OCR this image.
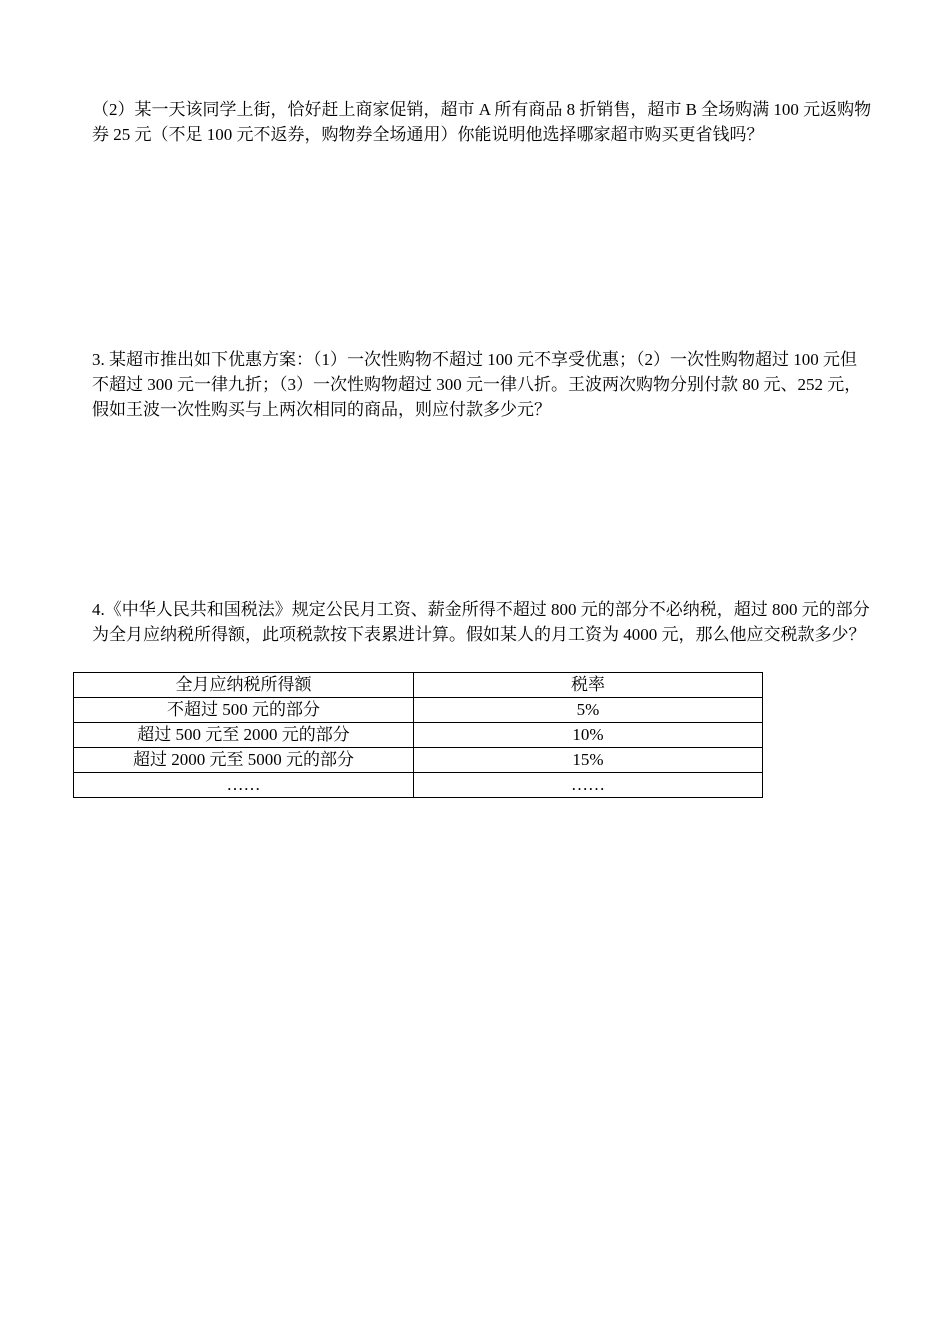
（2）某一天该同学上街，恰好赶上商家促销，超市 A 所有商品 8 折销售，超市 B 全场购满 100 元返购物券 25 元（不足 100 元不返券，购物券全场通用）你能说明他选择哪家超市购买更省钱吗？

3. 某超市推出如下优惠方案：（1）一次性购物不超过 100 元不享受优惠；（2）一次性购物超过 100 元但不超过 300 元一律九折；（3）一次性购物超过 300 元一律八折。王波两次购物分别付款 80 元、252 元，假如王波一次性购买与上两次相同的商品，则应付款多少元？

4.《中华人民共和国税法》规定公民月工资、薪金所得不超过 800 元的部分不必纳税，超过 800 元的部分为全月应纳税所得额，此项税款按下表累进计算。假如某人的月工资为 4000 元，那么他应交税款多少？

全月应纳税所得额	税率
不超过 500 元的部分	5%
超过 500 元至 2000 元的部分	10%
超过 2000 元至 5000 元的部分	15%
……	……
